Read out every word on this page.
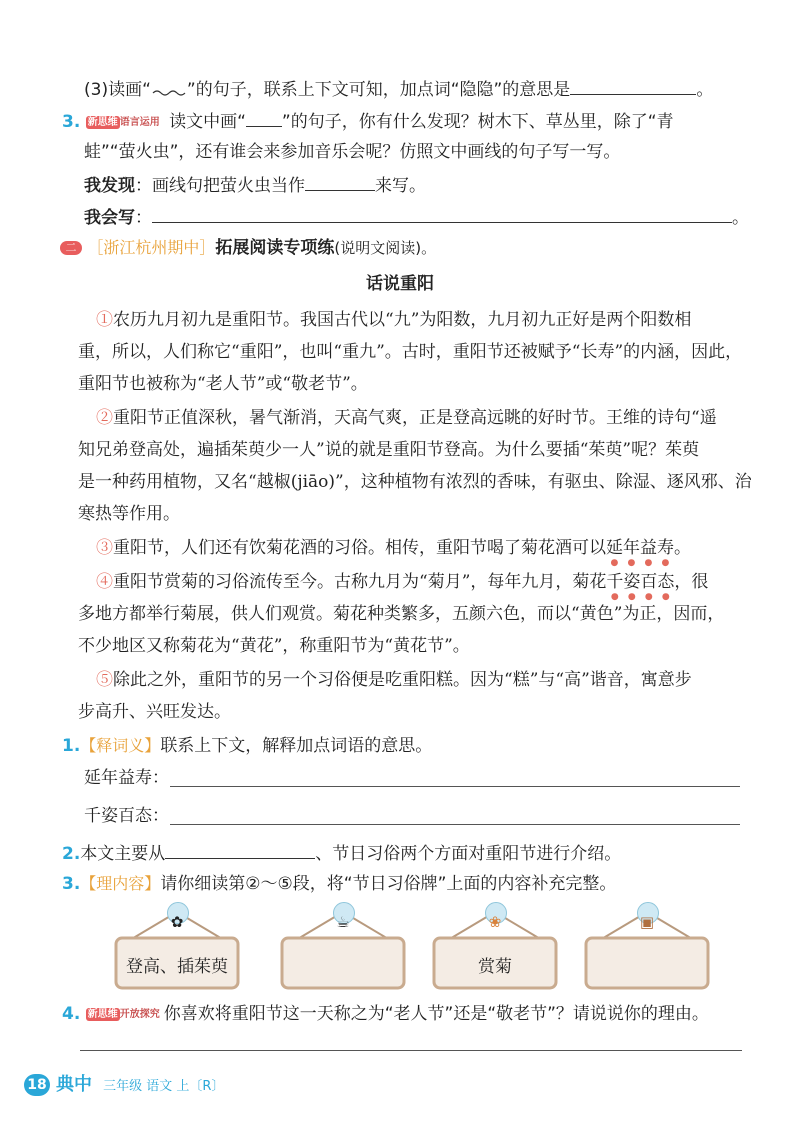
(3)读画“ ”的句子，联系上下文可知，加点词“隐隐”的意思是	。
3. 新思维 语言运用 读文中画“ ”的句子，你有什么发现？树木下、草丛里，除了“青
蛙”“萤火虫”，还有谁会来参加音乐会呢？仿照文中画线的句子写一写。
我发现：画线句把萤火虫当作	来写。
我会写：	。
二 ［浙江杭州期中］拓展阅读专项练(说明文阅读)。
话说重阳
①农历九月初九是重阳节。我国古代以“九”为阳数，九月初九正好是两个阳数相
重，所以，人们称它“重阳”，也叫“重九”。古时，重阳节还被赋予“长寿”的内涵，因此，
重阳节也被称为“老人节”或“敬老节”。
②重阳节正值深秋，暑气渐消，天高气爽，正是登高远眺的好时节。王维的诗句“遥
知兄弟登高处，遍插茱萸少一人”说的就是重阳节登高。为什么要插“茱萸”呢？茱萸
是一种药用植物，又名“越椒(jiāo)”，这种植物有浓烈的香味，有驱虫、除湿、逐风邪、治
寒热等作用。
③重阳节，人们还有饮菊花酒的习俗。相传，重阳节喝了菊花酒可以延年益寿。
④重阳节赏菊的习俗流传至今。古称九月为“菊月”，每年九月，菊花千姿百态，很
多地方都举行菊展，供人们观赏。菊花种类繁多，五颜六色，而以“黄色”为正，因而，
不少地区又称菊花为“黄花”，称重阳节为“黄花节”。
⑤除此之外，重阳节的另一个习俗便是吃重阳糕。因为“糕”与“高”谐音，寓意步
步高升、兴旺发达。
1.【释词义】联系上下文，解释加点词语的意思。
延年益寿：
千姿百态：
2.本文主要从	、节日习俗两个方面对重阳节进行介绍。
3.【理内容】请你细读第②～⑤段，将“节日习俗牌”上面的内容补充完整。
✿
登高、插茱萸
☕	❀
赏菊
▣
4. 新思维 开放探究 你喜欢将重阳节这一天称之为“老人节”还是“敬老节”？请说说你的理由。
18 典中 三年级 语文 上〔R〕
